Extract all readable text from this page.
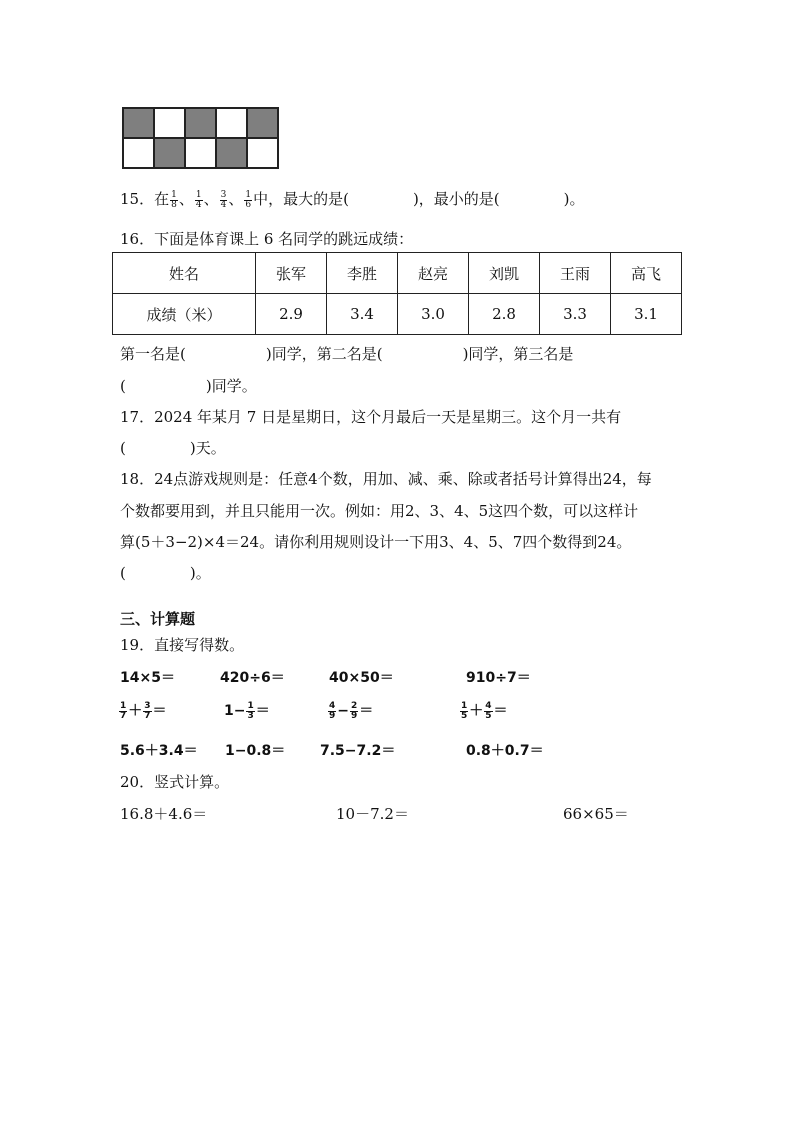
15．在 $\frac{1}{8}$ 、 $\frac{1}{4}$ 、 $\frac{3}{4}$ 、 $\frac{1}{6}$ 中，最大的是(	)，最小的是(	)。
16．下面是体育课上 6 名同学的跳远成绩：
姓名	张军	李胜	赵亮	刘凯	王雨	高飞
成绩（米）	2.9	3.4	3.0	2.8	3.3	3.1
第一名是(	)同学，第二名是(	)同学，第三名是
(	)同学。
17．2024 年某月 7 日是星期日，这个月最后一天是星期三。这个月一共有
(	)天。
18．24点游戏规则是：任意4个数，用加、减、乘、除或者括号计算得出24，每
个数都要用到，并且只能用一次。例如：用2、3、4、5这四个数，可以这样计
算(5＋3−2)×4＝24。请你利用规则设计一下用3、4、5、7四个数得到24。
(	)。
三、计算题
19．直接写得数。
14×5＝	420÷6＝	40×50＝	910÷7＝
$\frac{1}{7} + \frac{3}{7}$ ＝	$1- \frac{1}{3}$ ＝	$\frac{4}{9} - \frac{2}{9}$ ＝	$\frac{1}{5} + \frac{4}{5}$ ＝
5.6＋3.4＝ 1−0.8＝ 7.5−7.2＝	0.8＋0.7＝
20．竖式计算。
16.8＋4.6＝	10－7.2＝	66×65＝
